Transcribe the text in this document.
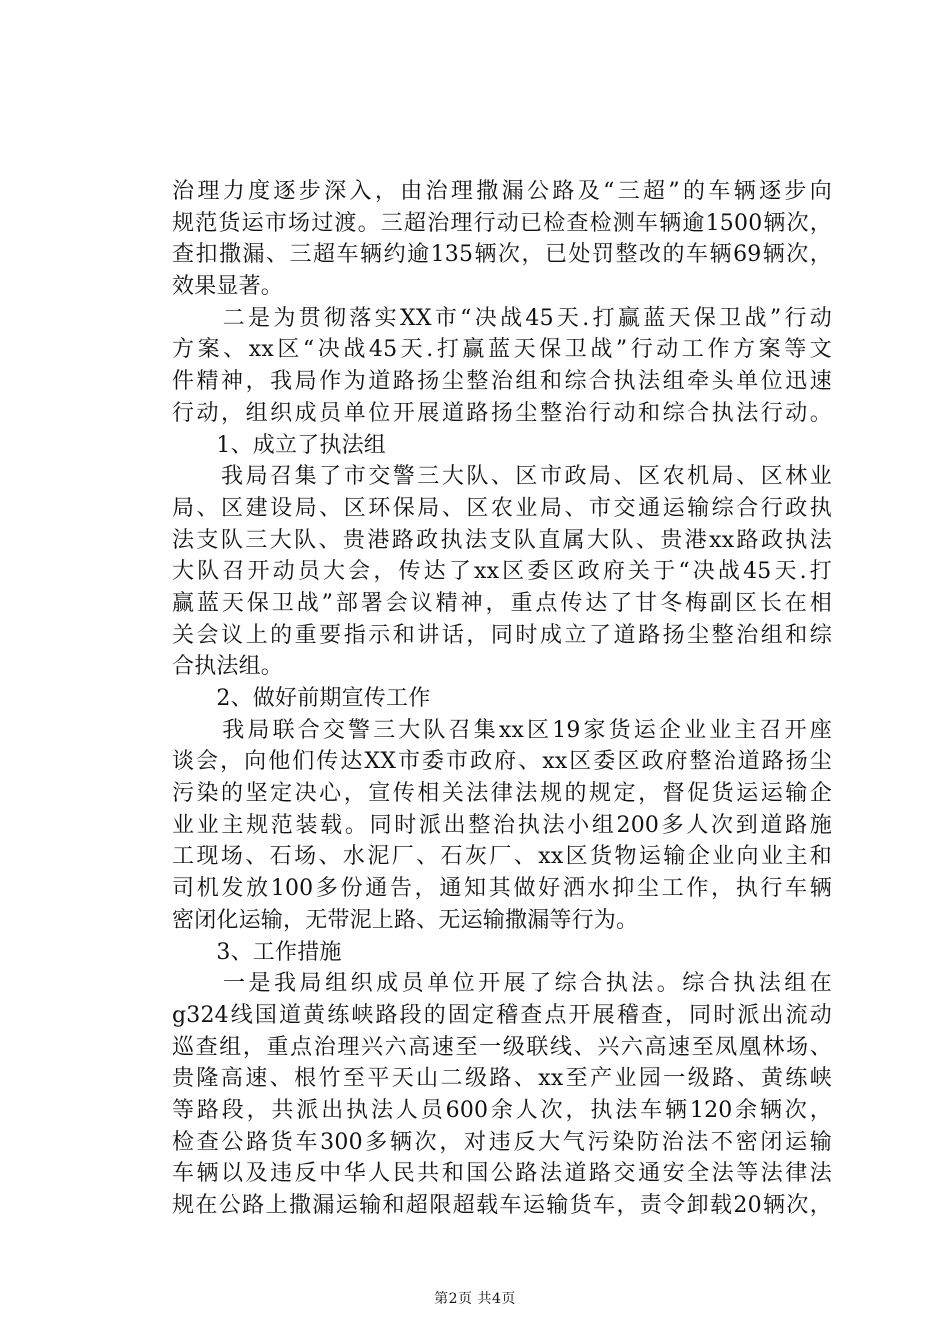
治理力度逐步深入，由治理撒漏公路及“三超”的车辆逐步向
规范货运市场过渡。三超治理行动已检查检测车辆逾1500辆次，
查扣撒漏、三超车辆约逾135辆次，已处罚整改的车辆69辆次，
效果显著。
　　二是为贯彻落实XX市“决战45天.打赢蓝天保卫战”行动
方案、xx区“决战45天.打赢蓝天保卫战”行动工作方案等文
件精神，我局作为道路扬尘整治组和综合执法组牵头单位迅速
行动，组织成员单位开展道路扬尘整治行动和综合执法行动。
　　1、成立了执法组
　　我局召集了市交警三大队、区市政局、区农机局、区林业
局、区建设局、区环保局、区农业局、市交通运输综合行政执
法支队三大队、贵港路政执法支队直属大队、贵港xx路政执法
大队召开动员大会，传达了xx区委区政府关于“决战45天.打
赢蓝天保卫战”部署会议精神，重点传达了甘冬梅副区长在相
关会议上的重要指示和讲话，同时成立了道路扬尘整治组和综
合执法组。
　　2、做好前期宣传工作
　　我局联合交警三大队召集xx区19家货运企业业主召开座
谈会，向他们传达XX市委市政府、xx区委区政府整治道路扬尘
污染的坚定决心，宣传相关法律法规的规定，督促货运运输企
业业主规范装载。同时派出整治执法小组200多人次到道路施
工现场、石场、水泥厂、石灰厂、xx区货物运输企业向业主和
司机发放100多份通告，通知其做好洒水抑尘工作，执行车辆
密闭化运输，无带泥上路、无运输撒漏等行为。
　　3、工作措施
　　一是我局组织成员单位开展了综合执法。综合执法组在
g324线国道黄练峡路段的固定稽查点开展稽查，同时派出流动
巡查组，重点治理兴六高速至一级联线、兴六高速至凤凰林场、
贵隆高速、根竹至平天山二级路、xx至产业园一级路、黄练峡
等路段，共派出执法人员600余人次，执法车辆120余辆次，
检查公路货车300多辆次，对违反大气污染防治法不密闭运输
车辆以及违反中华人民共和国公路法道路交通安全法等法律法
规在公路上撒漏运输和超限超载车运输货车，责令卸载20辆次，
第2页 共4页
